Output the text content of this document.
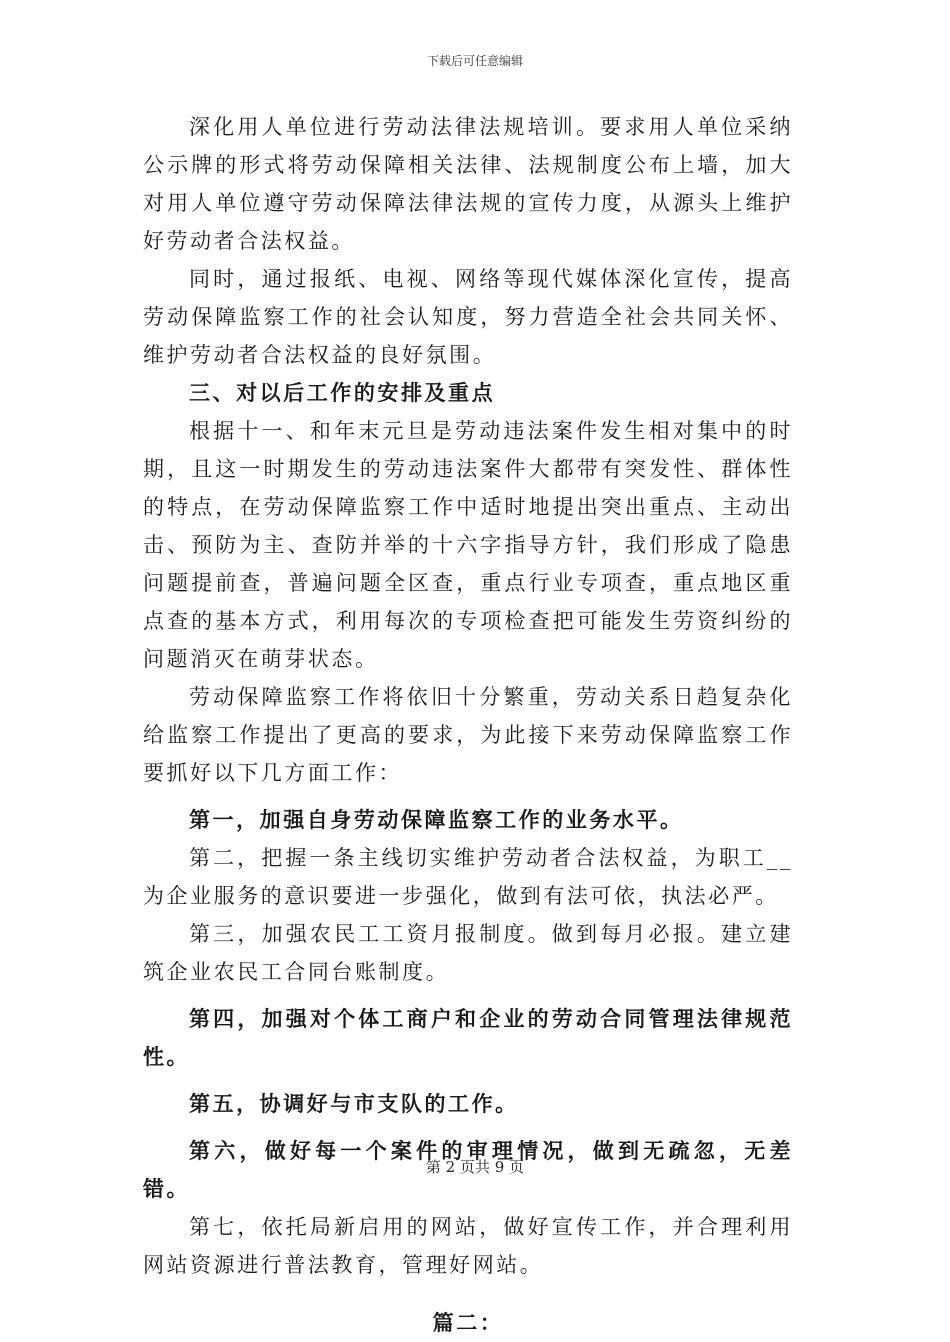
下载后可任意编辑

深化用人单位进行劳动法律法规培训。要求用人单位采纳公示牌的形式将劳动保障相关法律、法规制度公布上墙，加大对用人单位遵守劳动保障法律法规的宣传力度，从源头上维护好劳动者合法权益。

同时，通过报纸、电视、网络等现代媒体深化宣传，提高劳动保障监察工作的社会认知度，努力营造全社会共同关怀、维护劳动者合法权益的良好氛围。

三、对以后工作的安排及重点

根据十一、和年末元旦是劳动违法案件发生相对集中的时期，且这一时期发生的劳动违法案件大都带有突发性、群体性的特点，在劳动保障监察工作中适时地提出突出重点、主动出击、预防为主、查防并举的十六字指导方针，我们形成了隐患问题提前查，普遍问题全区查，重点行业专项查，重点地区重点查的基本方式，利用每次的专项检查把可能发生劳资纠纷的问题消灭在萌芽状态。

劳动保障监察工作将依旧十分繁重，劳动关系日趋复杂化给监察工作提出了更高的要求，为此接下来劳动保障监察工作要抓好以下几方面工作：

第一，加强自身劳动保障监察工作的业务水平。

第二，把握一条主线切实维护劳动者合法权益，为职工__为企业服务的意识要进一步强化，做到有法可依，执法必严。

第三，加强农民工工资月报制度。做到每月必报。建立建筑企业农民工合同台账制度。

第四，加强对个体工商户和企业的劳动合同管理法律规范性。

第五，协调好与市支队的工作。

第六，做好每一个案件的审理情况，做到无疏忽，无差错。

第七，依托局新启用的网站，做好宣传工作，并合理利用网站资源进行普法教育，管理好网站。

篇二：

第 2 页共 9 页
